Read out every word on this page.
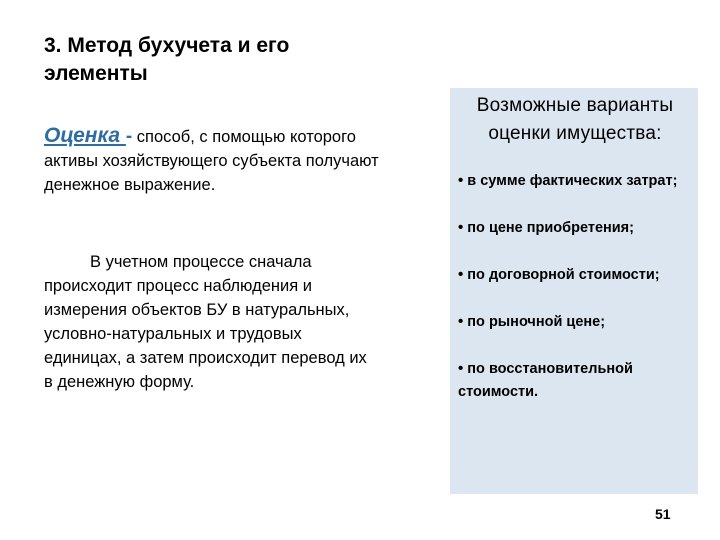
3. Метод бухучета и его элементы

Оценка - способ, с помощью которого активы хозяйствующего субъекта получают денежное выражение.

В учетном процессе сначала происходит процесс наблюдения и измерения объектов БУ в натуральных, условно-натуральных и трудовых единицах, а затем происходит перевод их в денежную форму.

Возможные варианты оценки имущества:

• в сумме фактических затрат;
• по цене приобретения;
• по договорной стоимости;
• по рыночной цене;
• по восстановительной стоимости.
51
